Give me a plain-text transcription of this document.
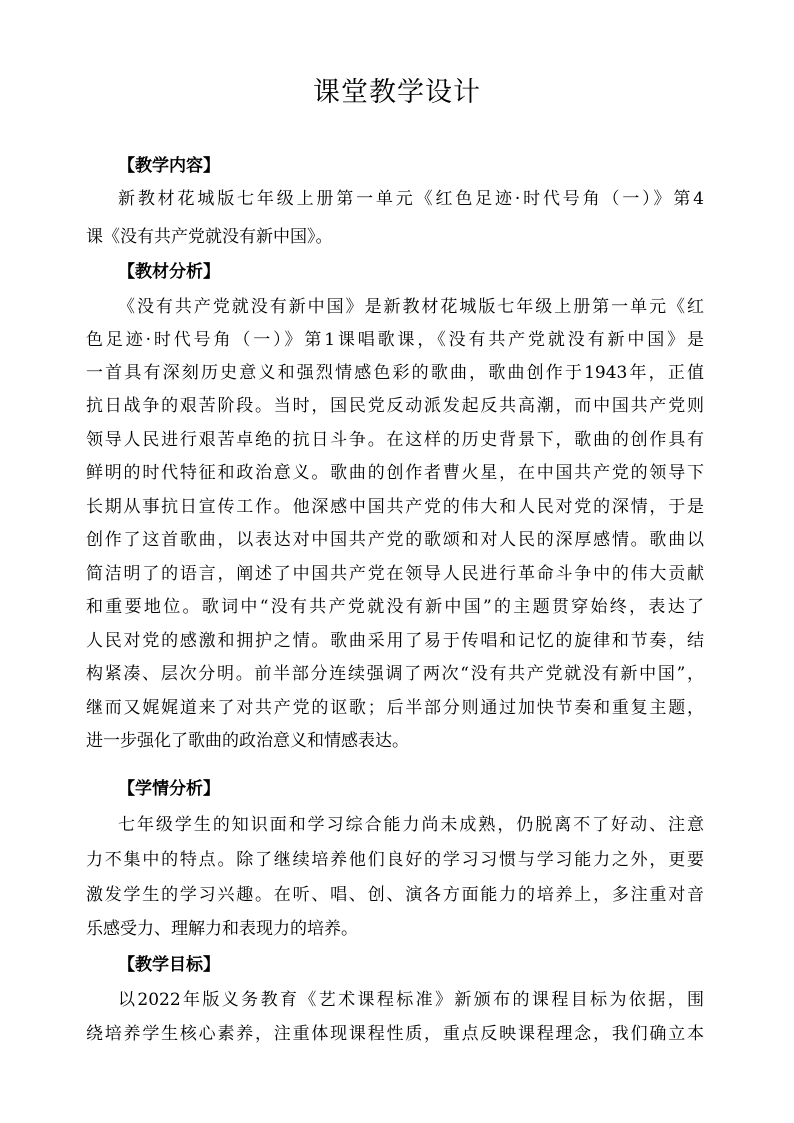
课堂教学设计
【教学内容】
新教材花城版七年级上册第一单元《红色足迹·时代号角（一）》第4
课《没有共产党就没有新中国》。
【教材分析】
《没有共产党就没有新中国》是新教材花城版七年级上册第一单元《红
色足迹·时代号角（一）》第1课唱歌课，《没有共产党就没有新中国》是
一首具有深刻历史意义和强烈情感色彩的歌曲，歌曲创作于1943年，正值
抗日战争的艰苦阶段。当时，国民党反动派发起反共高潮，而中国共产党则
领导人民进行艰苦卓绝的抗日斗争。在这样的历史背景下，歌曲的创作具有
鲜明的时代特征和政治意义。歌曲的创作者曹火星，在中国共产党的领导下
长期从事抗日宣传工作。他深感中国共产党的伟大和人民对党的深情，于是
创作了这首歌曲，以表达对中国共产党的歌颂和对人民的深厚感情。歌曲以
简洁明了的语言，阐述了中国共产党在领导人民进行革命斗争中的伟大贡献
和重要地位。歌词中“没有共产党就没有新中国”的主题贯穿始终，表达了
人民对党的感激和拥护之情。歌曲采用了易于传唱和记忆的旋律和节奏，结
构紧凑、层次分明。前半部分连续强调了两次“没有共产党就没有新中国”，
继而又娓娓道来了对共产党的讴歌；后半部分则通过加快节奏和重复主题，
进一步强化了歌曲的政治意义和情感表达。
【学情分析】
七年级学生的知识面和学习综合能力尚未成熟，仍脱离不了好动、注意
力不集中的特点。除了继续培养他们良好的学习习惯与学习能力之外，更要
激发学生的学习兴趣。在听、唱、创、演各方面能力的培养上，多注重对音
乐感受力、理解力和表现力的培养。
【教学目标】
以2022年版义务教育《艺术课程标准》新颁布的课程目标为依据，围
绕培养学生核心素养，注重体现课程性质，重点反映课程理念，我们确立本
